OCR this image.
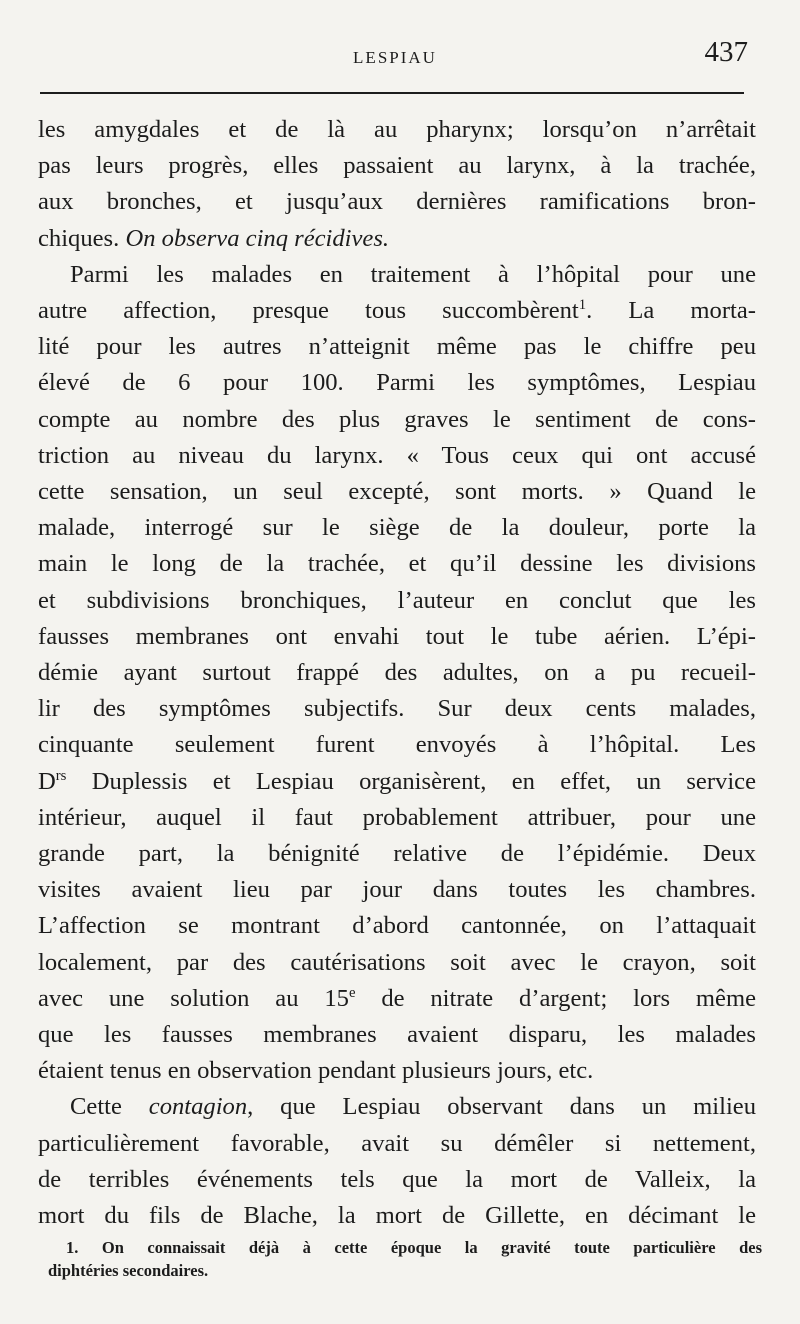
LESPIAU	437
les amygdales et de là au pharynx; lorsqu’on n’arrêtait
pas leurs progrès, elles passaient au larynx, à la trachée,
aux bronches, et jusqu’aux dernières ramifications bron-
chiques. On observa cinq récidives.
Parmi les malades en traitement à l’hôpital pour une
autre affection, presque tous succombèrent$^1$. La morta-
lité pour les autres n’atteignit même pas le chiffre peu
élevé de 6 pour 100. Parmi les symptômes, Lespiau
compte au nombre des plus graves le sentiment de cons-
triction au niveau du larynx. « Tous ceux qui ont accusé
cette sensation, un seul excepté, sont morts. » Quand le
malade, interrogé sur le siège de la douleur, porte la
main le long de la trachée, et qu’il dessine les divisions
et subdivisions bronchiques, l’auteur en conclut que les
fausses membranes ont envahi tout le tube aérien. L’épi-
démie ayant surtout frappé des adultes, on a pu recueil-
lir des symptômes subjectifs. Sur deux cents malades,
cinquante seulement furent envoyés à l’hôpital. Les
$D^{rs}$ Duplessis et Lespiau organisèrent, en effet, un service
intérieur, auquel il faut probablement attribuer, pour une
grande part, la bénignité relative de l’épidémie. Deux
visites avaient lieu par jour dans toutes les chambres.
L’affection se montrant d’abord cantonnée, on l’attaquait
localement, par des cautérisations soit avec le crayon, soit
avec une solution au 15e de nitrate d’argent; lors même
que les fausses membranes avaient disparu, les malades
étaient tenus en observation pendant plusieurs jours, etc.
Cette contagion, que Lespiau observant dans un milieu
particulièrement favorable, avait su démêler si nettement,
de terribles événements tels que la mort de Valleix, la
mort du fils de Blache, la mort de Gillette, en décimant le
1. On connaissait déjà à cette époque la gravité toute particulière des
diphtéries secondaires.
